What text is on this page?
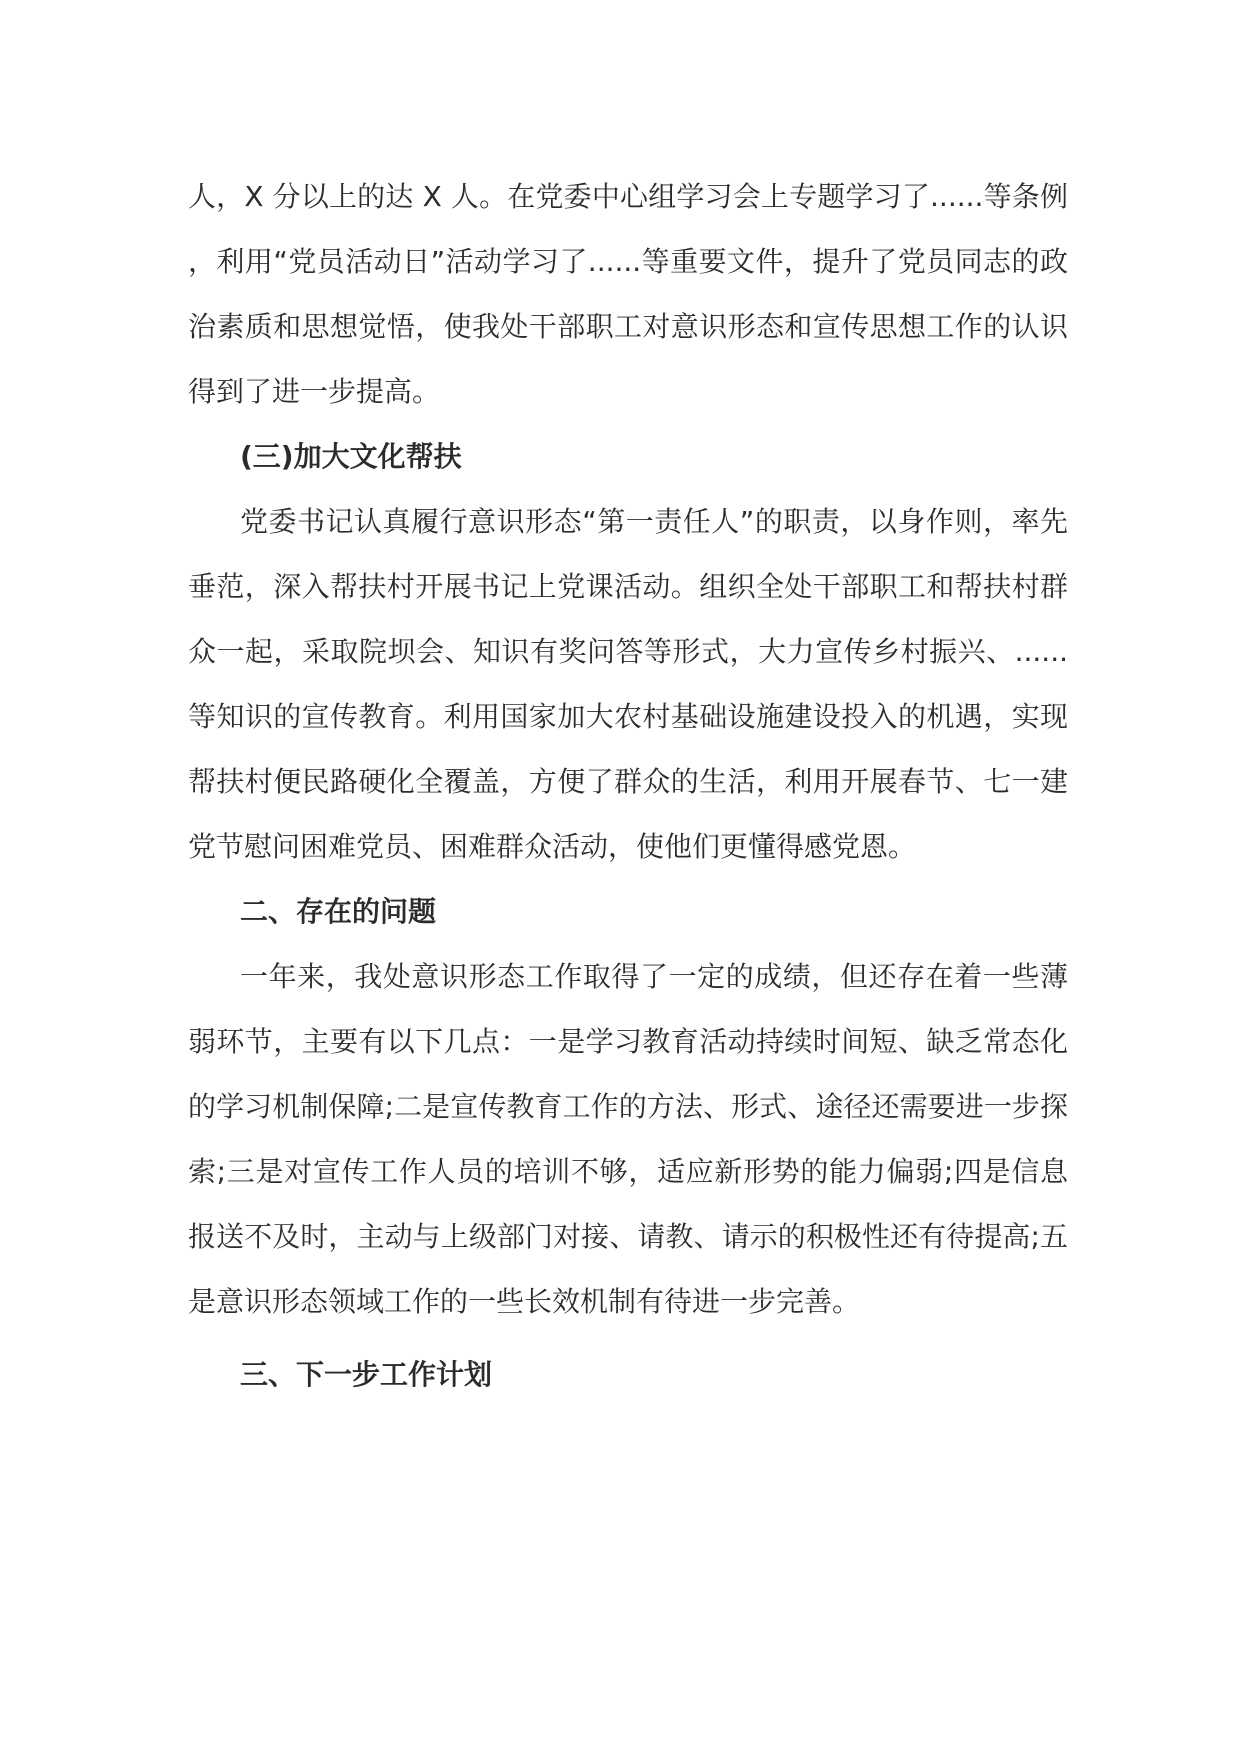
人，X 分以上的达 X 人。在党委中心组学习会上专题学习了......等条例，利用“党员活动日”活动学习了......等重要文件，提升了党员同志的政治素质和思想觉悟，使我处干部职工对意识形态和宣传思想工作的认识得到了进一步提高。

(三)加大文化帮扶

党委书记认真履行意识形态“第一责任人”的职责，以身作则，率先垂范，深入帮扶村开展书记上党课活动。组织全处干部职工和帮扶村群众一起，采取院坝会、知识有奖问答等形式，大力宣传乡村振兴、......等知识的宣传教育。利用国家加大农村基础设施建设投入的机遇，实现帮扶村便民路硬化全覆盖，方便了群众的生活，利用开展春节、七一建党节慰问困难党员、困难群众活动，使他们更懂得感党恩。

二、存在的问题

一年来，我处意识形态工作取得了一定的成绩，但还存在着一些薄弱环节，主要有以下几点：一是学习教育活动持续时间短、缺乏常态化的学习机制保障;二是宣传教育工作的方法、形式、途径还需要进一步探索;三是对宣传工作人员的培训不够，适应新形势的能力偏弱;四是信息报送不及时，主动与上级部门对接、请教、请示的积极性还有待提高;五是意识形态领域工作的一些长效机制有待进一步完善。

三、下一步工作计划
